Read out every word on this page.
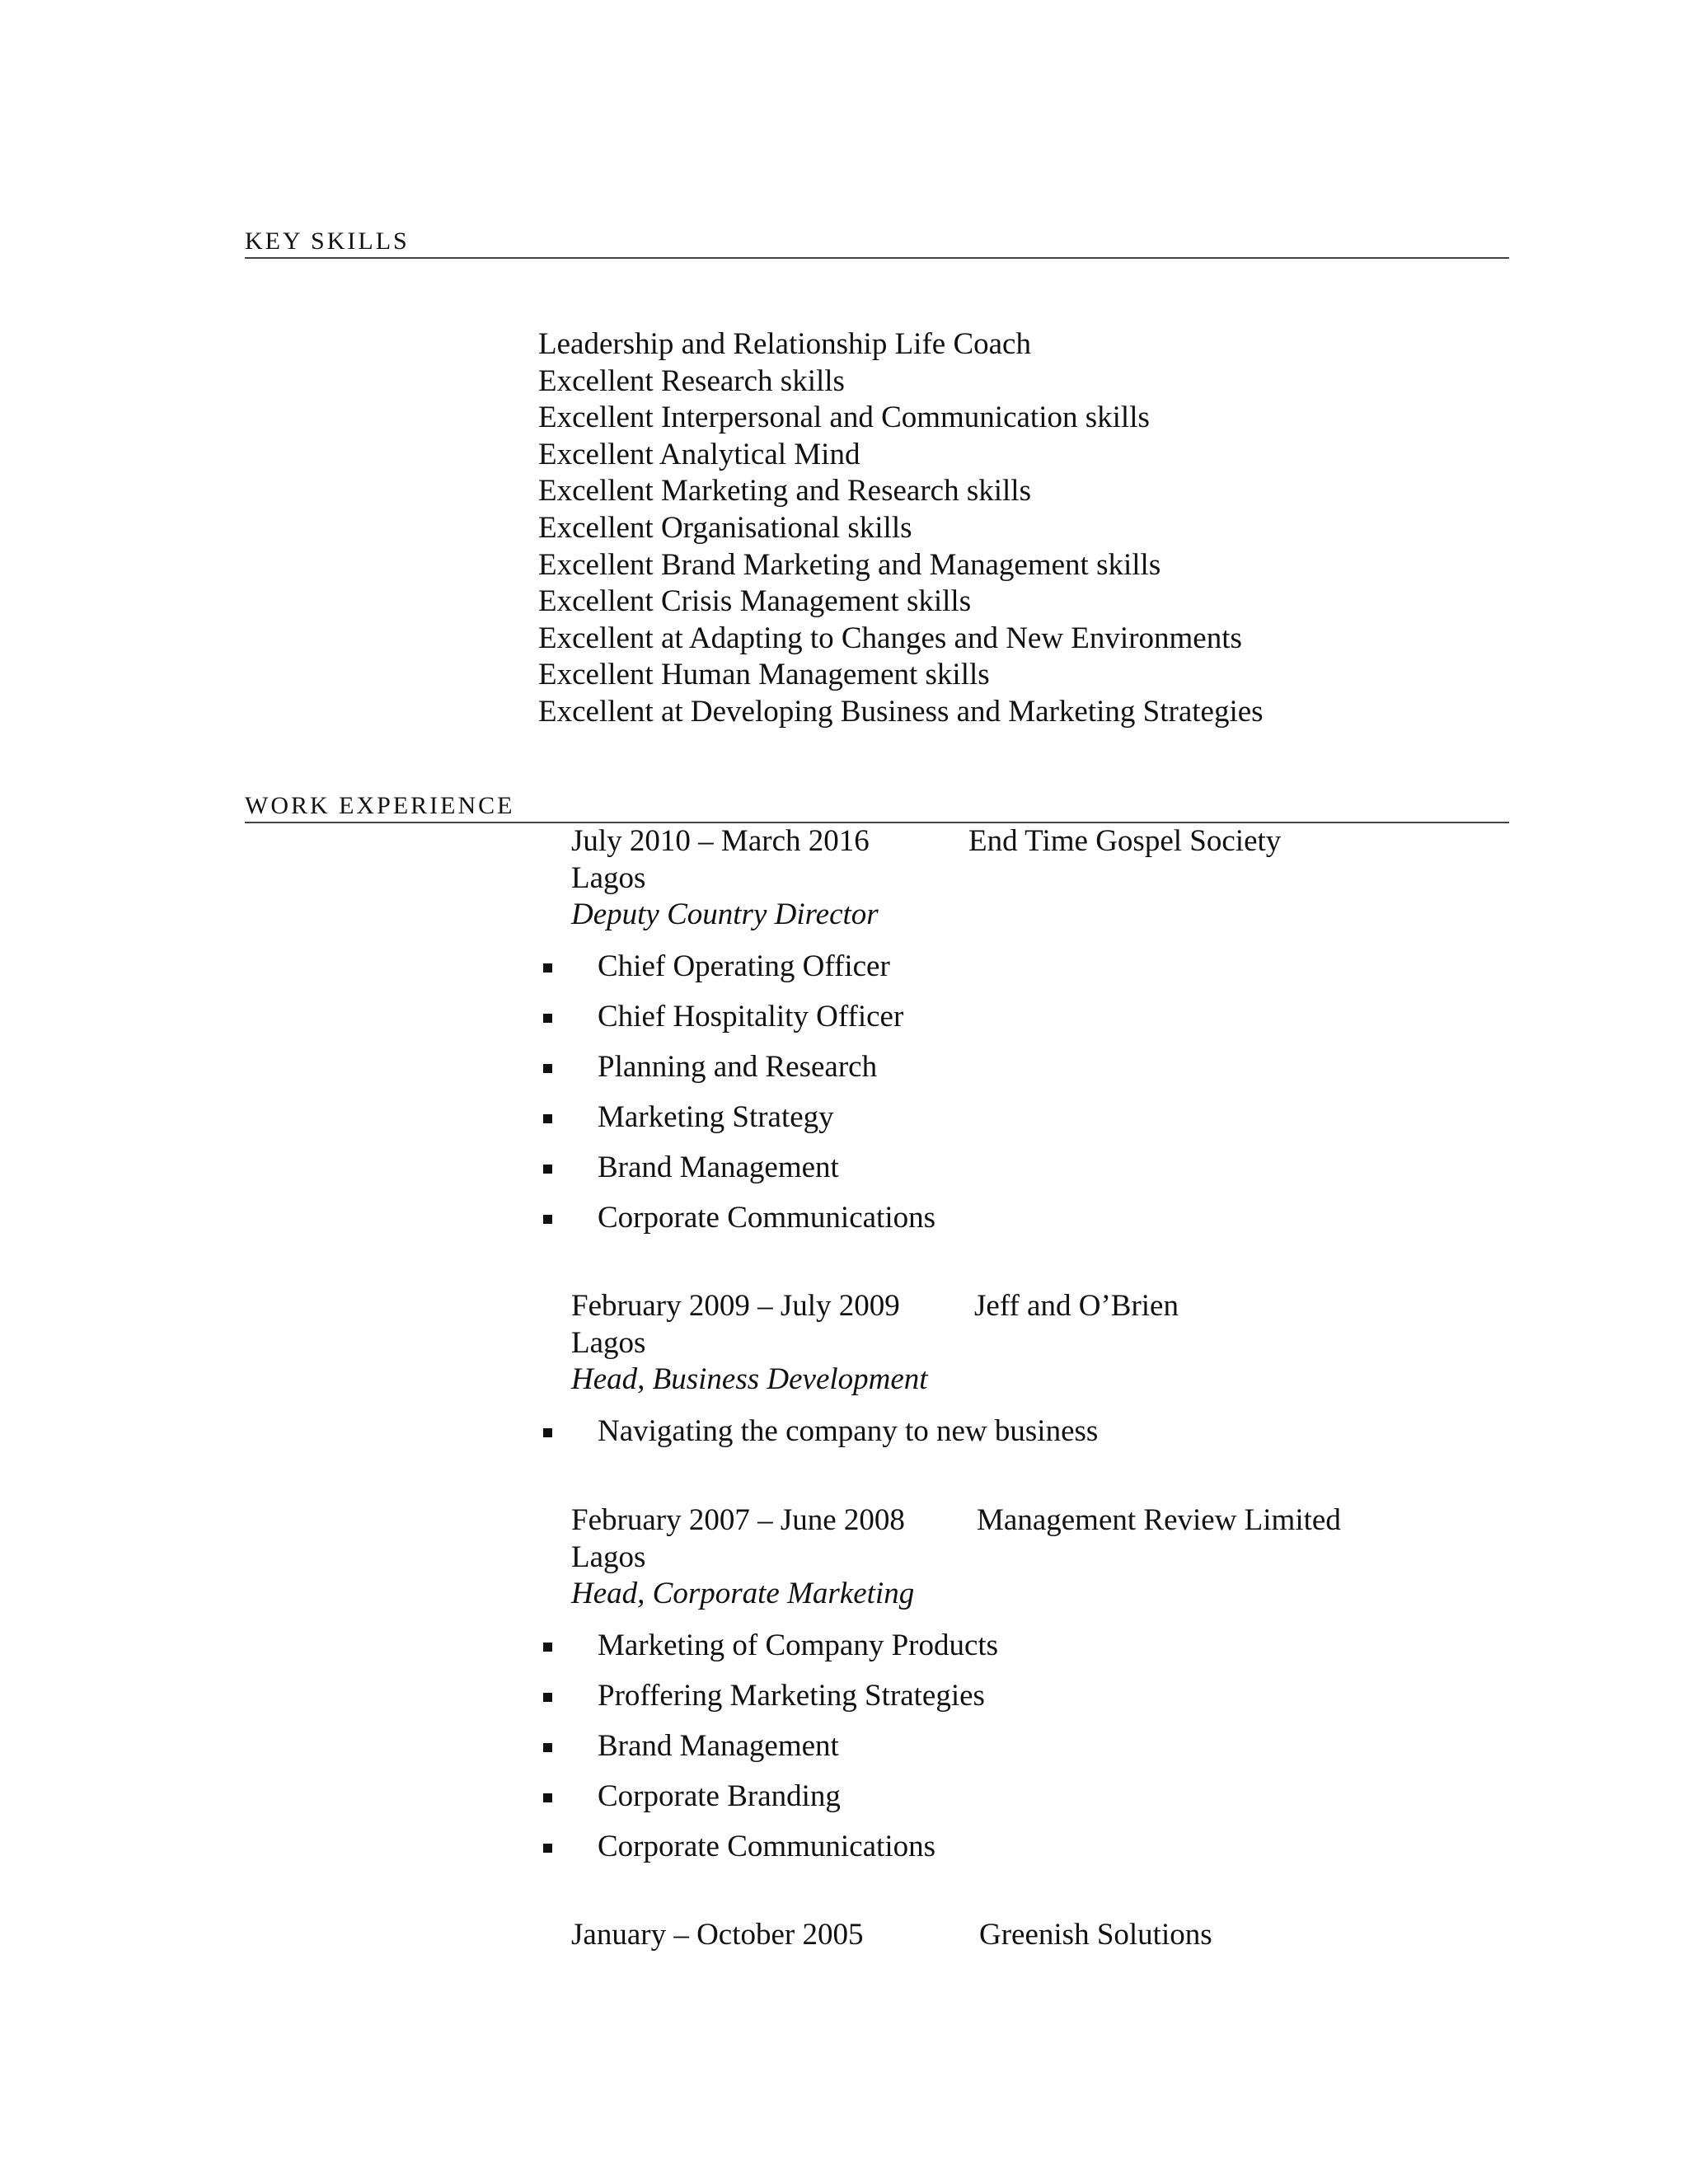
KEY SKILLS
Leadership and Relationship Life Coach
Excellent Research skills
Excellent Interpersonal and Communication skills
Excellent Analytical Mind
Excellent Marketing and Research skills
Excellent Organisational skills
Excellent Brand Marketing and Management skills
Excellent Crisis Management skills
Excellent at Adapting to Changes and New Environments
Excellent Human Management skills
Excellent at Developing Business and Marketing Strategies
WORK EXPERIENCE
July 2010 – March 2016	End Time Gospel Society
Lagos
Deputy Country Director
Chief Operating Officer
Chief Hospitality Officer
Planning and Research
Marketing Strategy
Brand Management
Corporate Communications
February 2009 – July 2009 Jeff and O’Brien
Lagos
Head, Business Development
Navigating the company to new business
February 2007 – June 2008 Management Review Limited
Lagos
Head, Corporate Marketing
Marketing of Company Products
Proffering Marketing Strategies
Brand Management
Corporate Branding
Corporate Communications
January – October 2005	Greenish Solutions
